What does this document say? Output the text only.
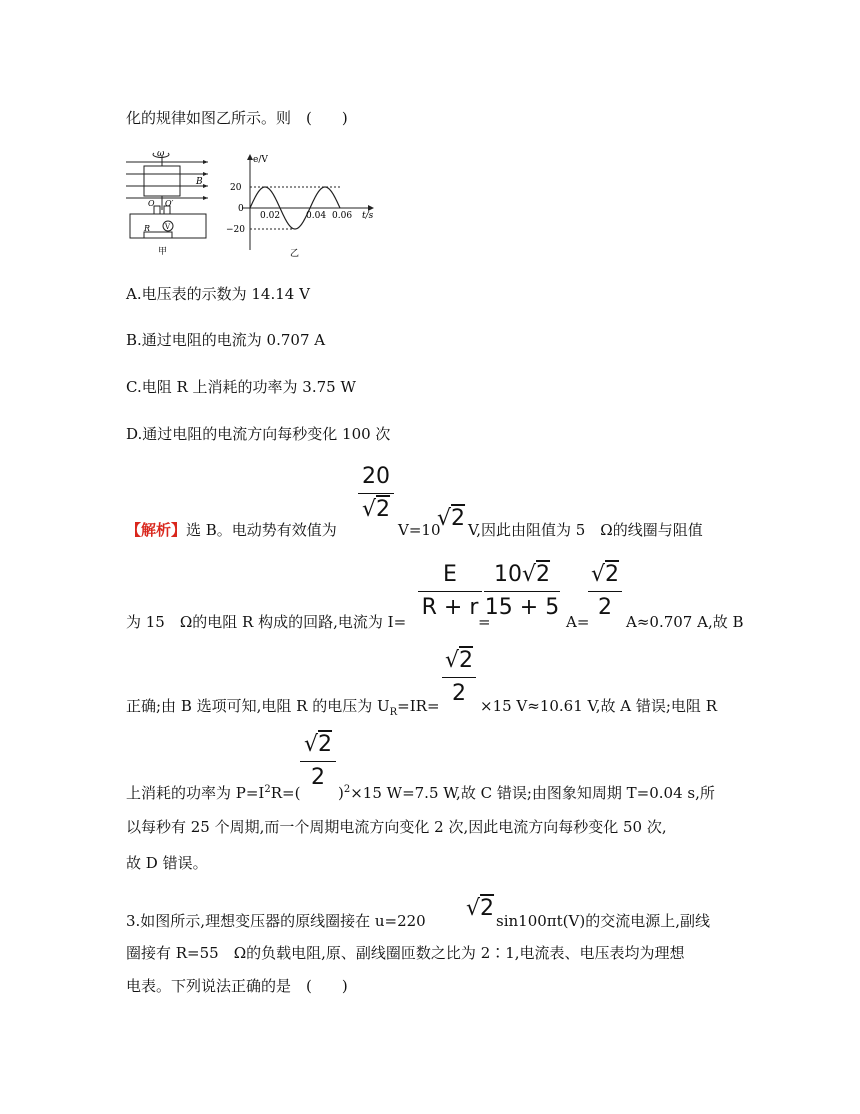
化的规律如图乙所示。则　(　　)
ω
B
O O′
V
R
甲
e/V
t/s
20
0
−20
0.02	0.04 0.06
乙
A.电压表的示数为 14.14 V
B.通过电阻的电流为 0.707 A
C.电阻 R 上消耗的功率为 3.75 W
D.通过电阻的电流方向每秒变化 100 次
20
√2
【解析】选 B。电动势有效值为	V=10
√2 V,因此由阻值为 5　Ω的线圈与阻值
为 15　Ω的电阻 R 构成的回路,电流为 I=
E
R + r
=
10√2
15 + 5
A=
√2
2
A≈0.707 A,故 B
正确;由 B 选项可知,电阻 R 的电压为 $U_R=IR=$
√2
2 ×15 V≈10.61 V,故 A 错误;电阻 R
上消耗的功率为 $P=I^2R=$(
√2
2
)$^2$×15 W=7.5 W,故 C 错误;由图象知周期 T=0.04 s,所
以每秒有 25 个周期,而一个周期电流方向变化 2 次,因此电流方向每秒变化 50 次,
故 D 错误。
3.如图所示,理想变压器的原线圈接在 u=220 √2 sin100πt(V)的交流电源上,副线
圈接有 R=55　Ω的负载电阻,原、副线圈匝数之比为 2∶1,电流表、电压表均为理想
电表。下列说法正确的是　(　　)
